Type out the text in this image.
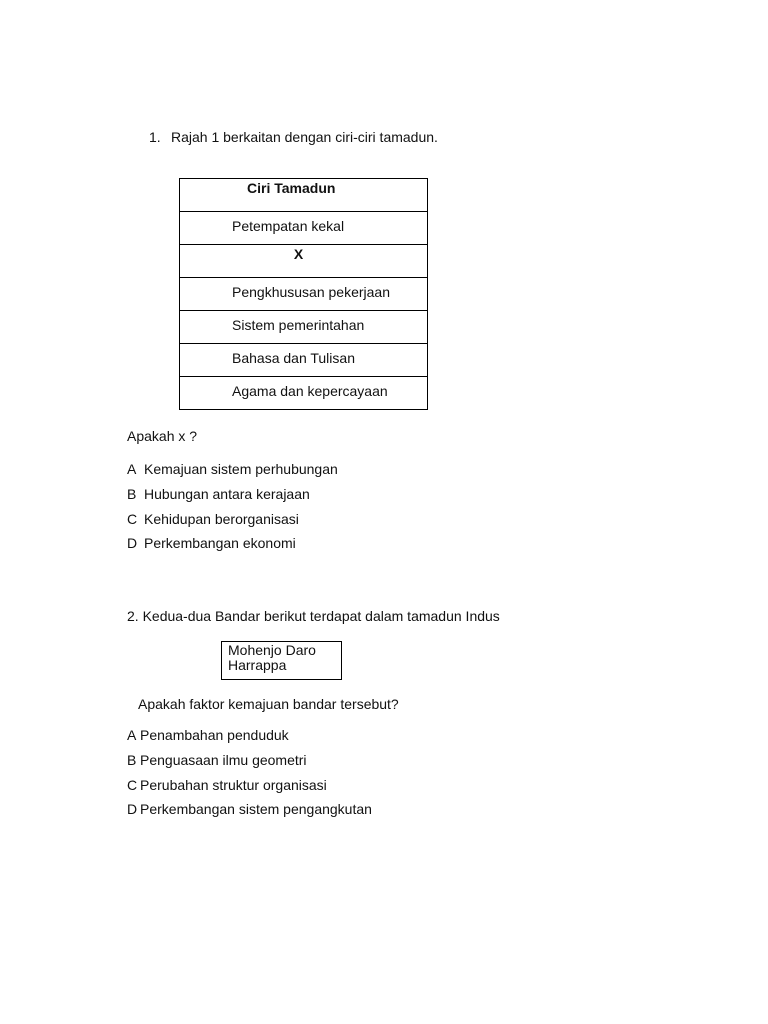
1. Rajah 1 berkaitan dengan ciri-ciri tamadun.
Ciri Tamadun

Petempatan kekal

X

Pengkhususan pekerjaan

Sistem pemerintahan

Bahasa dan Tulisan

Agama dan kepercayaan
Apakah x ?
A Kemajuan sistem perhubungan
B Hubungan antara kerajaan
C Kehidupan berorganisasi
D Perkembangan ekonomi
2. Kedua-dua Bandar berikut terdapat dalam tamadun Indus
Mohenjo Daro
Harrappa
Apakah faktor kemajuan bandar tersebut?
A Penambahan penduduk
B Penguasaan ilmu geometri
C Perubahan struktur organisasi
D Perkembangan sistem pengangkutan
